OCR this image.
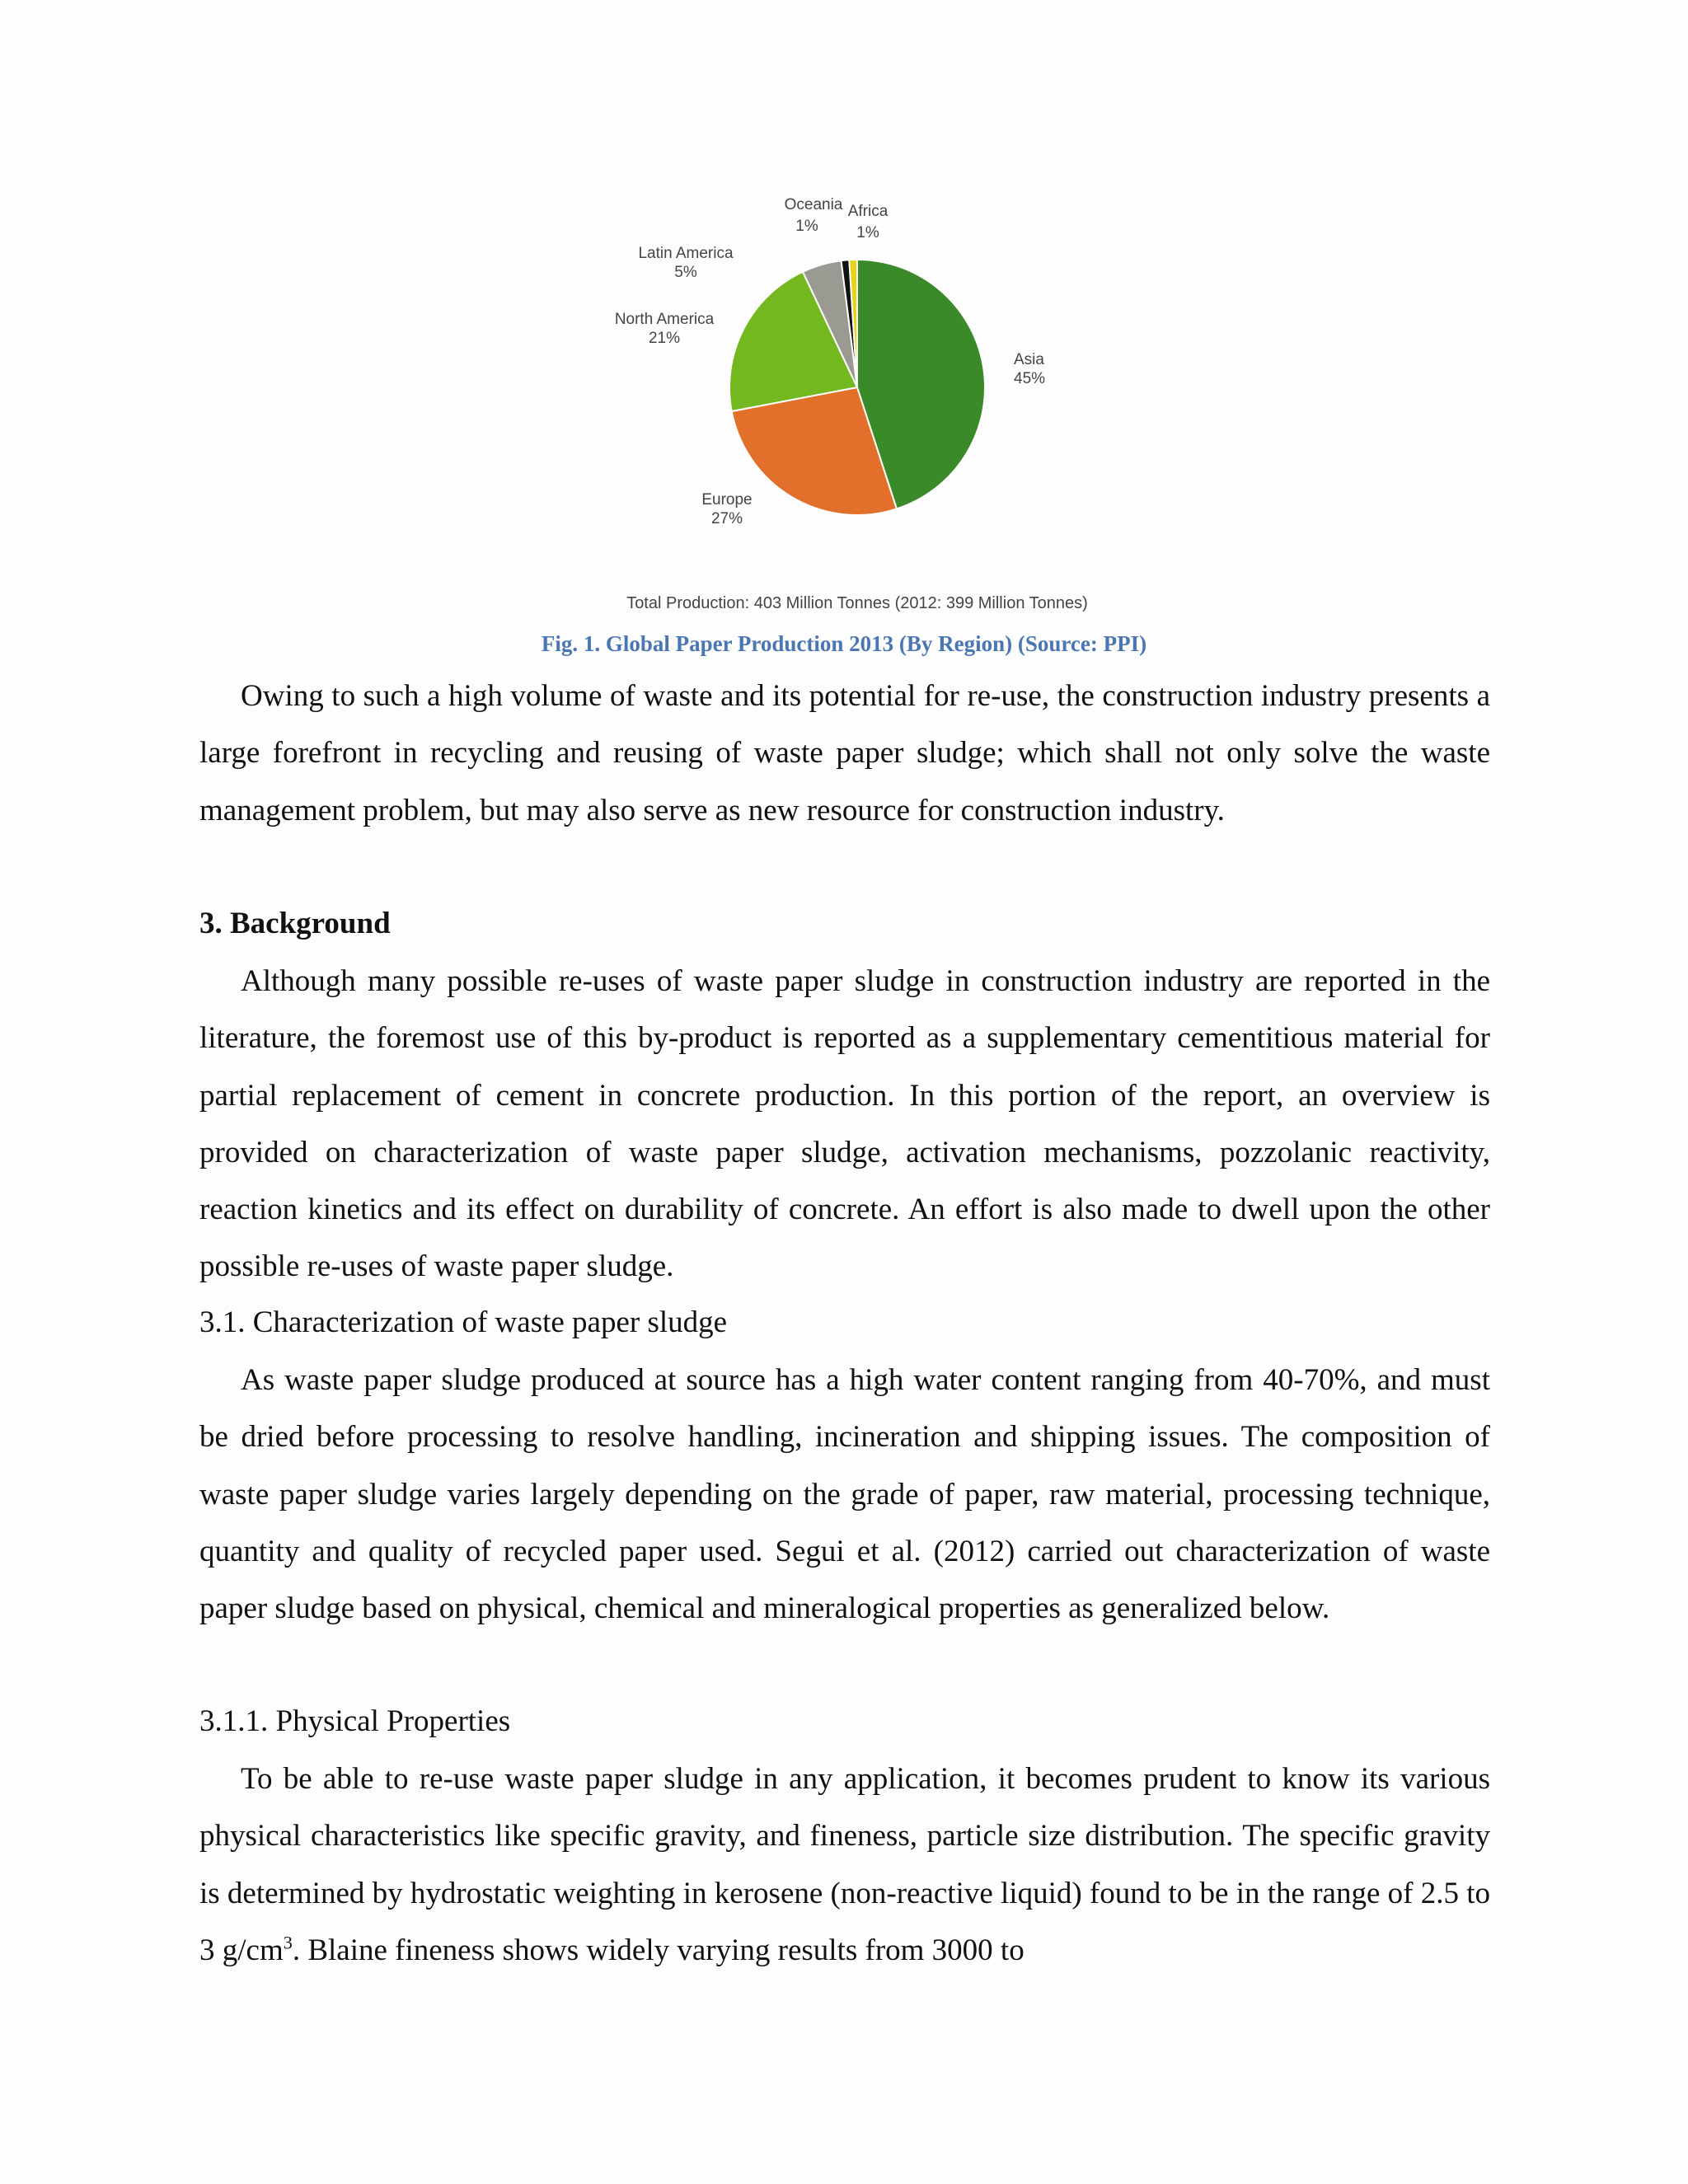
Asia
45%
Europe
27%
North America
21%
Latin America
5%
Oceania
1%
Africa
1%
Total Production: 403 Million Tonnes (2012: 399 Million Tonnes)
Fig. 1. Global Paper Production 2013 (By Region) (Source: PPI)

Owing to such a high volume of waste and its potential for re-use, the construction industry presents a large forefront in recycling and reusing of waste paper sludge; which shall not only solve the waste management problem, but may also serve as new resource for construction industry.

3. Background

Although many possible re-uses of waste paper sludge in construction industry are reported in the literature, the foremost use of this by-product is reported as a supplementary cementitious material for partial replacement of cement in concrete production. In this portion of the report, an overview is provided on characterization of waste paper sludge, activation mechanisms, pozzolanic reactivity, reaction kinetics and its effect on durability of concrete. An effort is also made to dwell upon the other possible re-uses of waste paper sludge.

3.1. Characterization of waste paper sludge

As waste paper sludge produced at source has a high water content ranging from 40-70%, and must be dried before processing to resolve handling, incineration and shipping issues. The composition of waste paper sludge varies largely depending on the grade of paper, raw material, processing technique, quantity and quality of recycled paper used. Segui et al. (2012) carried out characterization of waste paper sludge based on physical, chemical and mineralogical properties as generalized below.

3.1.1. Physical Properties

To be able to re-use waste paper sludge in any application, it becomes prudent to know its various physical characteristics like specific gravity, and fineness, particle size distribution. The specific gravity is determined by hydrostatic weighting in kerosene (non-reactive liquid) found to be in the range of 2.5 to 3 $g/cm^3$. Blaine fineness shows widely varying results from 3000 to
